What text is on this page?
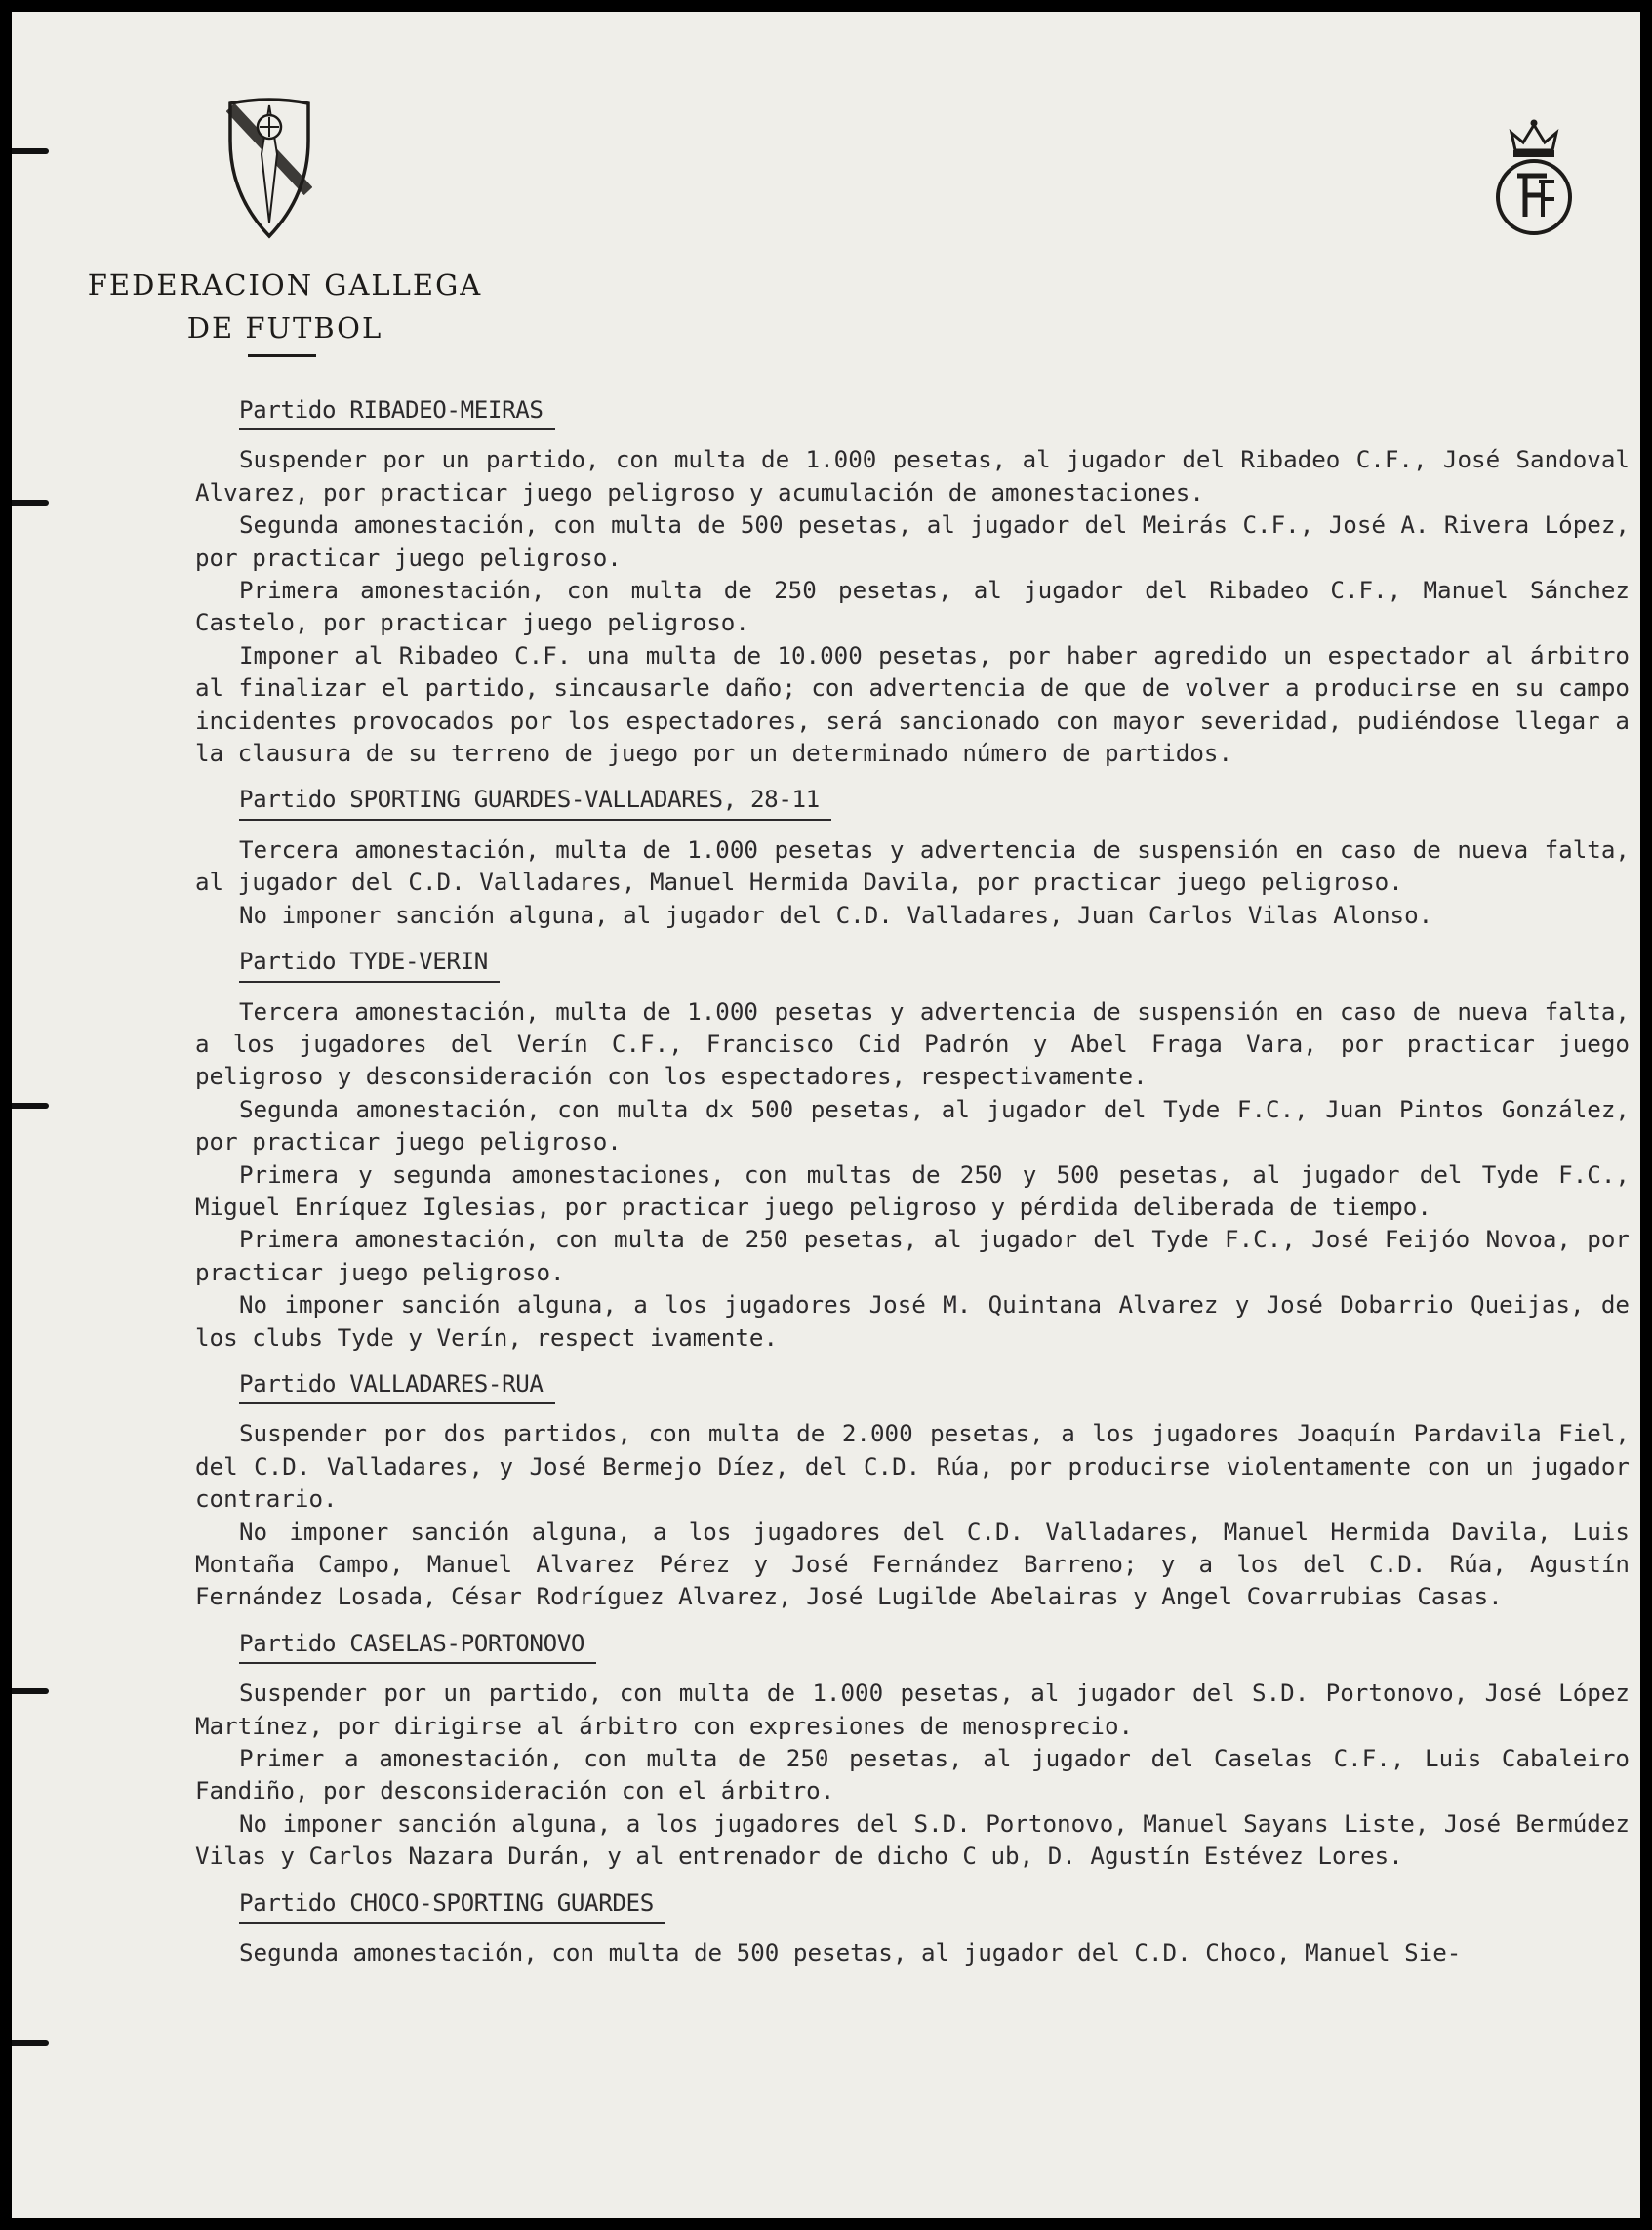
FEDERACION GALLEGA
DE FUTBOL
Partido RIBADEO-MEIRAS

Suspender por un partido, con multa de 1.000 pesetas, al jugador del Ribadeo C.F., José Sandoval Alvarez, por practicar juego peligroso y acumulación de amonestaciones.

Segunda amonestación, con multa de 500 pesetas, al jugador del Meirás C.F., José A. Rivera López, por practicar juego peligroso.

Primera amonestación, con multa de 250 pesetas, al jugador del Ribadeo C.F., Manuel Sánchez Castelo, por practicar juego peligroso.

Imponer al Ribadeo C.F. una multa de 10.000 pesetas, por haber agredido un espectador al árbitro al finalizar el partido, sincausarle daño; con advertencia de que de volver a producirse en su campo incidentes provocados por los espectadores, será sancionado con mayor severidad, pudiéndose llegar a la clausura de su terreno de juego por un determinado número de partidos.

Partido SPORTING GUARDES-VALLADARES, 28-11

Tercera amonestación, multa de 1.000 pesetas y advertencia de suspensión en caso de nueva falta, al jugador del C.D. Valladares, Manuel Hermida Davila, por practicar juego peligroso.

No imponer sanción alguna, al jugador del C.D. Valladares, Juan Carlos Vilas Alonso.

Partido TYDE-VERIN

Tercera amonestación, multa de 1.000 pesetas y advertencia de suspensión en caso de nueva falta, a los jugadores del Verín C.F., Francisco Cid Padrón y Abel Fraga Vara, por practicar juego peligroso y desconsideración con los espectadores, respectivamente.

Segunda amonestación, con multa dx 500 pesetas, al jugador del Tyde F.C., Juan Pintos González, por practicar juego peligroso.

Primera y segunda amonestaciones, con multas de 250 y 500 pesetas, al jugador del Tyde F.C., Miguel Enríquez Iglesias, por practicar juego peligroso y pérdida deliberada de tiempo.

Primera amonestación, con multa de 250 pesetas, al jugador del Tyde F.C., José Feijóo Novoa, por practicar juego peligroso.

No imponer sanción alguna, a los jugadores José M. Quintana Alvarez y José Dobarrio Queijas, de los clubs Tyde y Verín, respect ivamente.

Partido VALLADARES-RUA

Suspender por dos partidos, con multa de 2.000 pesetas, a los jugadores Joaquín Pardavila Fiel, del C.D. Valladares, y José Bermejo Díez, del C.D. Rúa, por producirse violentamente con un jugador contrario.

No imponer sanción alguna, a los jugadores del C.D. Valladares, Manuel Hermida Davila, Luis Montaña Campo, Manuel Alvarez Pérez y José Fernández Barreno; y a los del C.D. Rúa, Agustín Fernández Losada, César Rodríguez Alvarez, José Lugilde Abelairas y Angel Covarrubias Casas.

Partido CASELAS-PORTONOVO

Suspender por un partido, con multa de 1.000 pesetas, al jugador del S.D. Portonovo, José López Martínez, por dirigirse al árbitro con expresiones de menosprecio.

Primer a amonestación, con multa de 250 pesetas, al jugador del Caselas C.F., Luis Cabaleiro Fandiño, por desconsideración con el árbitro.

No imponer sanción alguna, a los jugadores del S.D. Portonovo, Manuel Sayans Liste, José Bermúdez Vilas y Carlos Nazara Durán, y al entrenador de dicho C ub, D. Agustín Estévez Lores.

Partido CHOCO-SPORTING GUARDES

Segunda amonestación, con multa de 500 pesetas, al jugador del C.D. Choco, Manuel Sie-
